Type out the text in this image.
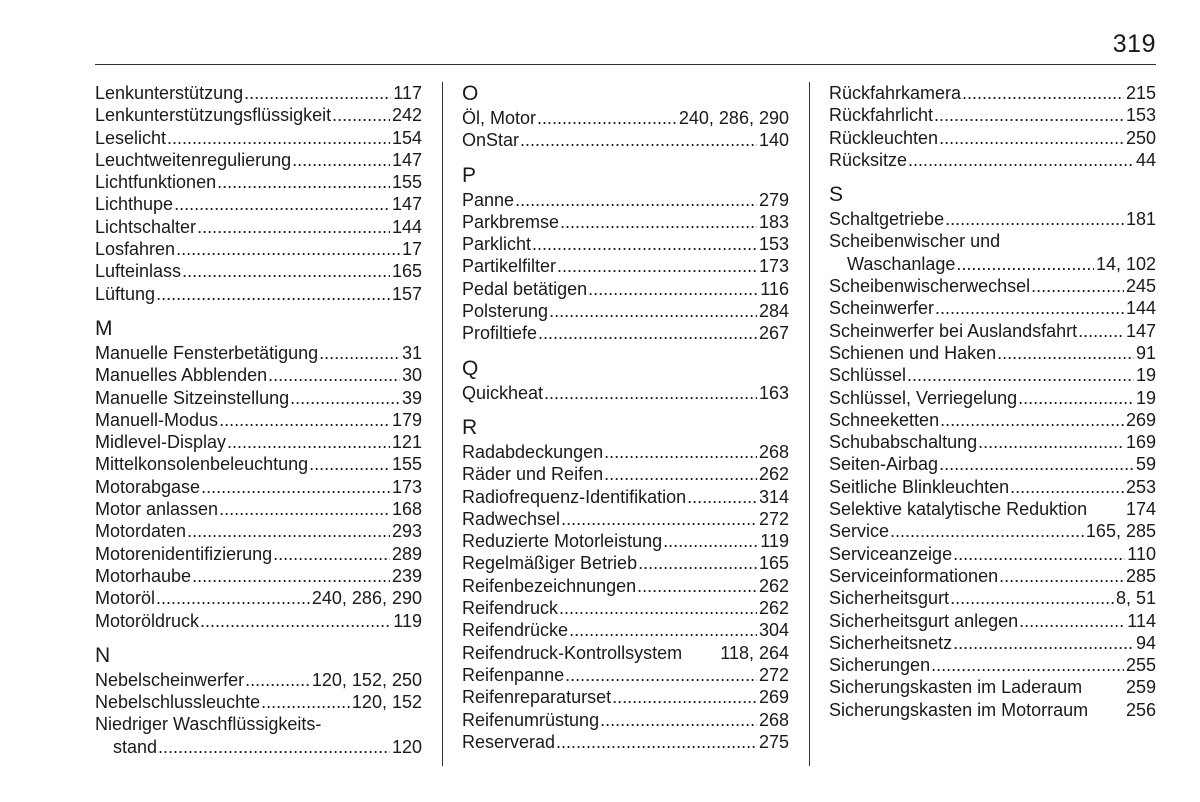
319
Lenkunterstützung .....	117
Lenkunterstützungsflüssigkeit .....	242
Leselicht .....	154
Leuchtweitenregulierung .....	147
Lichtfunktionen .....	155
Lichthupe .....	147
Lichtschalter .....	144
Losfahren .....	17
Lufteinlass .....	165
Lüftung .....	157
M
Manuelle Fensterbetätigung .....	31
Manuelles Abblenden .....	30
Manuelle Sitzeinstellung .....	39
Manuell-Modus .....	179
Midlevel-Display .....	121
Mittelkonsolenbeleuchtung .....	155
Motorabgase .....	173
Motor anlassen .....	168
Motordaten .....	293
Motorenidentifizierung .....	289
Motorhaube .....	239
Motoröl .....	240, 286, 290
Motoröldruck .....	119
N
Nebelscheinwerfer .....	120, 152, 250
Nebelschlussleuchte .....	120, 152
Niedriger Waschflüssigkeits-
stand .....	120
O
Öl, Motor .....	240, 286, 290
OnStar .....	140
P
Panne .....	279
Parkbremse .....	183
Parklicht .....	153
Partikelfilter .....	173
Pedal betätigen .....	116
Polsterung .....	284
Profiltiefe .....	267
Q
Quickheat .....	163
R
Radabdeckungen .....	268
Räder und Reifen .....	262
Radiofrequenz-Identifikation .....	314
Radwechsel .....	272
Reduzierte Motorleistung .....	119
Regelmäßiger Betrieb .....	165
Reifenbezeichnungen .....	262
Reifendruck .....	262
Reifendrücke .....	304
Reifendruck-Kontrollsystem 118, 264
Reifenpanne .....	272
Reifenreparaturset .....	269
Reifenumrüstung .....	268
Reserverad .....	275
Rückfahrkamera .....	215
Rückfahrlicht .....	153
Rückleuchten .....	250
Rücksitze .....	44
S
Schaltgetriebe .....	181
Scheibenwischer und
Waschanlage .....	14, 102
Scheibenwischerwechsel .....	245
Scheinwerfer .....	144
Scheinwerfer bei Auslandsfahrt .....	147
Schienen und Haken .....	91
Schlüssel .....	19
Schlüssel, Verriegelung .....	19
Schneeketten .....	269
Schubabschaltung .....	169
Seiten-Airbag .....	59
Seitliche Blinkleuchten .....	253
Selektive katalytische Reduktion 174
Service .....	165, 285
Serviceanzeige .....	110
Serviceinformationen .....	285
Sicherheitsgurt .....	8, 51
Sicherheitsgurt anlegen .....	114
Sicherheitsnetz .....	94
Sicherungen .....	255
Sicherungskasten im Laderaum 259
Sicherungskasten im Motorraum 256
